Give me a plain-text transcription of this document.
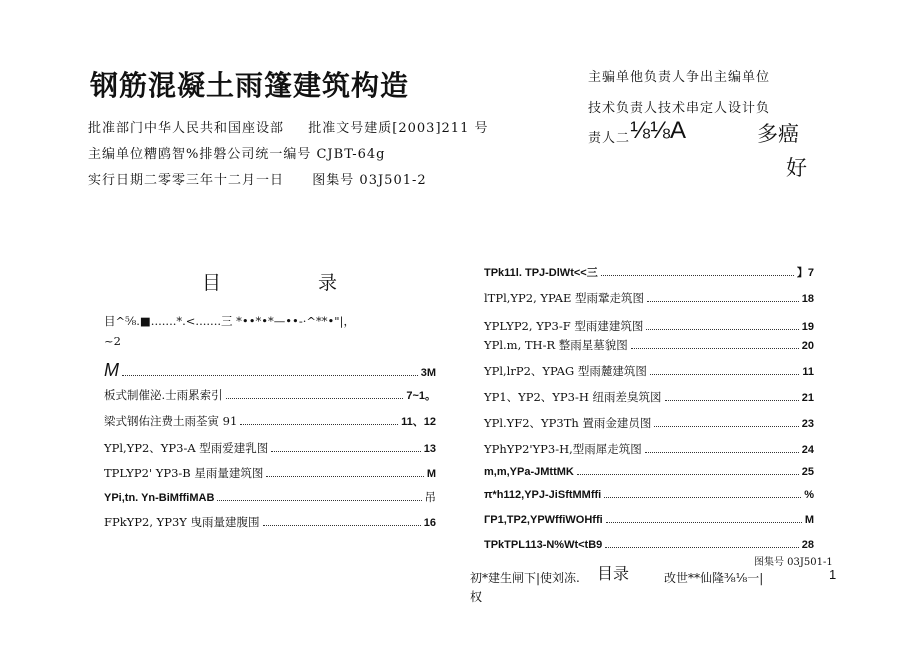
钢筋混凝土雨篷建筑构造
批准部门中华人民共和国座设部 批准文号建质[2003]211 号
主编单位糟鸥智%排磐公司统一编号 CJBT-64g
实行日期二零零三年十二月一日 图集号 03J501-2
主骗单他负责人争出主编单位
技术负责人技术串定人设计负
责人二 ⅛⅛A	多癌
好
目	录
目^⅝.■.......*.<.......三 *••*•*—••-·^**•"|，
~2
M	3M
板式制催泌.士雨累索引	7~1。
梁式钢佑注费土雨荃寅 91	11、12
YPl,YP2、YP3-A 型雨爱建乳图	13
TPLYP2' YP3-B 星雨量建筑图	M
YPi,tn. Yn-BiMffiMAB	吊
FPkYP2, YP3Y 曳雨量建腹围	16
TPk11l. TPJ-DlWt<<三	】7
lTPl,YP2, YPAE 型雨鞏走筑图	18
YPLYP2, YP3-F 型雨建建筑图	19
YPl.m, TH-R 整雨星墓貌图	20
YPl,lrP2、YPAG 型雨麓建筑图	11
YP1、YP2、YP3-H 纽雨差臭筑図	21
YPl.YF2、YP3Th 置雨金建员图	23
YPhYP2'YP3-H,型雨犀走筑图	24
m,m,YPa-JMttMK	25
π*h112,YPJ-JiSftMMffi	%
ГP1,TP2,YPWffiWOHffi	M
TPkTPL113-N%Wt<tB9	28
图集号 03J501-1
初*建生闸下|使刘冻. 目录	改世**仙隆⅜⅛一|	1
权
